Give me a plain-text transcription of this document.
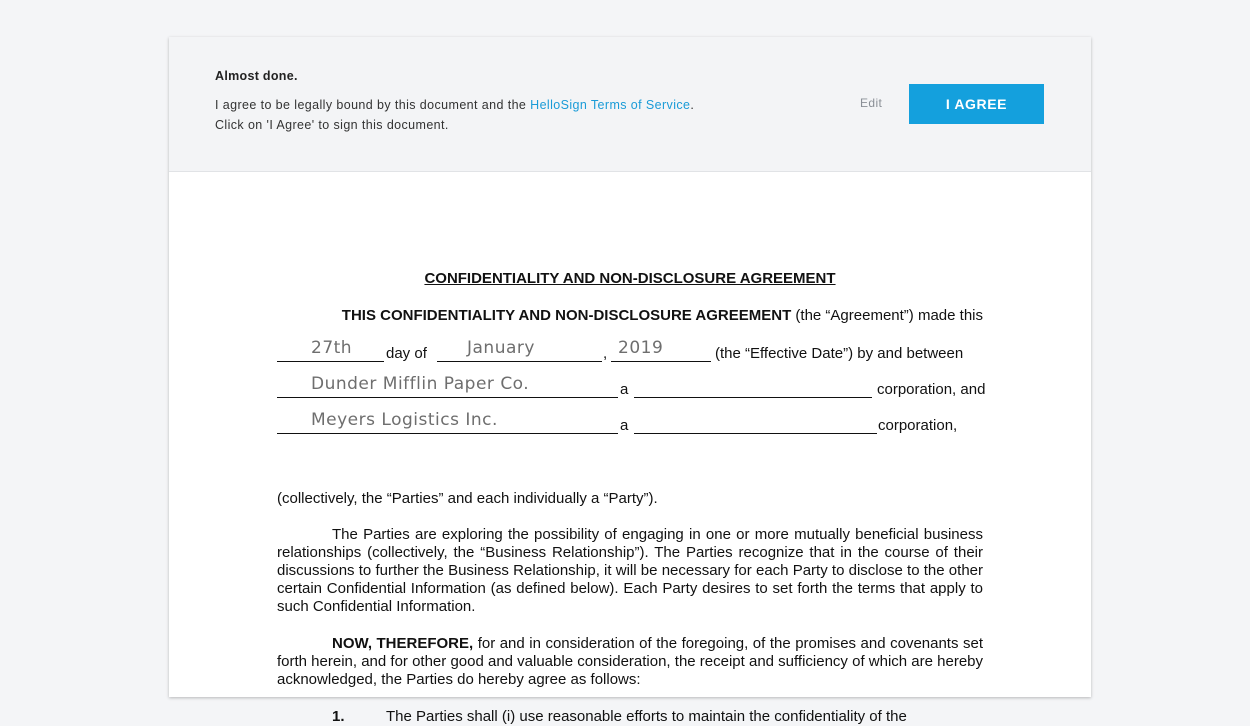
Almost done.
I agree to be legally bound by this document and the HelloSign Terms of Service.
Click on 'I Agree' to sign this document.
Edit	I AGREE
CONFIDENTIALITY AND NON-DISCLOSURE AGREEMENT
THIS CONFIDENTIALITY AND NON-DISCLOSURE AGREEMENT (the “Agreement”) made this
27th day of January	, 2019	(the “Effective Date”) by and between
Dunder Mifflin Paper Co.	a	corporation, and
Meyers Logistics Inc.	a	corporation,
(collectively, the “Parties” and each individually a “Party”).
The Parties are exploring the possibility of engaging in one or more mutually beneficial business relationships (collectively, the “Business Relationship”). The Parties recognize that in the course of their discussions to further the Business Relationship, it will be necessary for each Party to disclose to the other certain Confidential Information (as defined below). Each Party desires to set forth the terms that apply to such Confidential Information.
NOW, THEREFORE, for and in consideration of the foregoing, of the promises and covenants set forth herein, and for other good and valuable consideration, the receipt and sufficiency of which are hereby acknowledged, the Parties do hereby agree as follows:
1.	The Parties shall (i) use reasonable efforts to maintain the confidentiality of the
